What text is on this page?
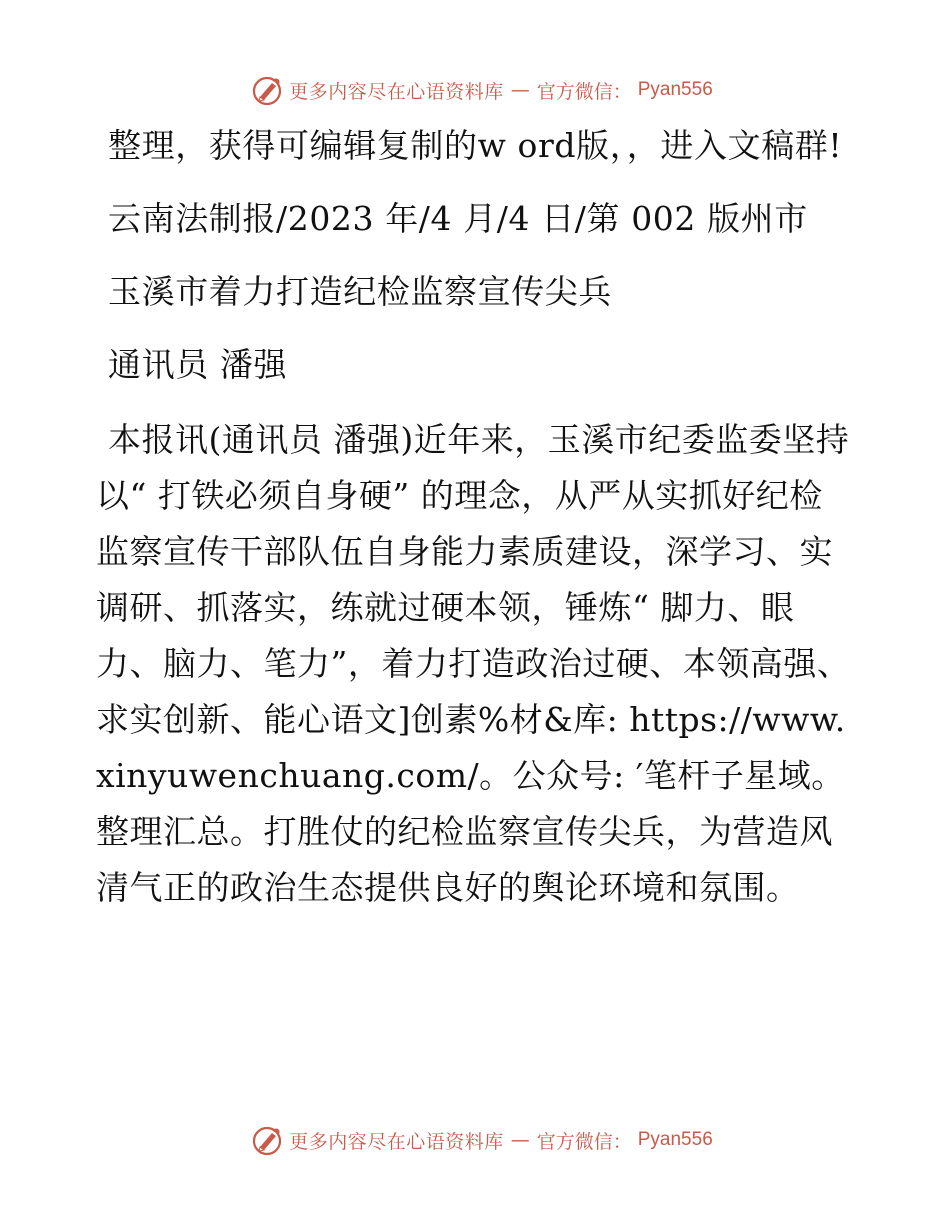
更多内容尽在心语资料库 — 官方微信： Pyan556

整理，获得可编辑复制的w ord版，，进入文稿群!

云南法制报/2023 年/4 月/4 日/第 002 版州市

玉溪市着力打造纪检监察宣传尖兵

通讯员 潘强

本报讯(通讯员 潘强)近年来，玉溪市纪委监委坚持以“ 打铁必须自身硬” 的理念，从严从实抓好纪检监察宣传干部队伍自身能力素质建设，深学习、实调研、抓落实，练就过硬本领，锤炼“ 脚力、眼力、脑力、笔力”，着力打造政治过硬、本领高强、求实创新、能心语文]创素%材&库: https://www.xinyuwenchuang.com/。公众号: ′笔杆子星域。整理汇总。打胜仗的纪检监察宣传尖兵，为营造风清气正的政治生态提供良好的舆论环境和氛围。

更多内容尽在心语资料库 — 官方微信： Pyan556
